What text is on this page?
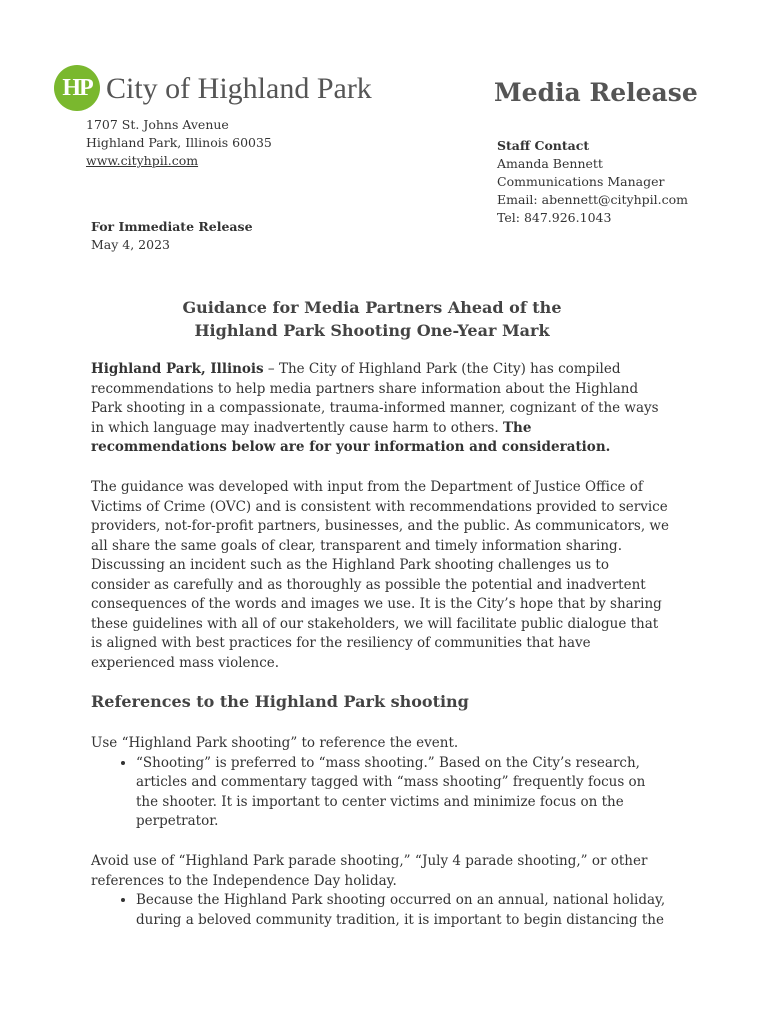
HP City of Highland Park
1707 St. Johns Avenue
Highland Park, Illinois 60035
www.cityhpil.com
Media Release
Staff Contact
Amanda Bennett
Communications Manager
Email: abennett@cityhpil.com
Tel: 847.926.1043
For Immediate Release
May 4, 2023
Guidance for Media Partners Ahead of the
Highland Park Shooting One-Year Mark
Highland Park, Illinois – The City of Highland Park (the City) has compiled recommendations to help media partners share information about the Highland Park shooting in a compassionate, trauma-informed manner, cognizant of the ways in which language may inadvertently cause harm to others. The recommendations below are for your information and consideration.
The guidance was developed with input from the Department of Justice Office of Victims of Crime (OVC) and is consistent with recommendations provided to service providers, not-for-profit partners, businesses, and the public. As communicators, we all share the same goals of clear, transparent and timely information sharing. Discussing an incident such as the Highland Park shooting challenges us to consider as carefully and as thoroughly as possible the potential and inadvertent consequences of the words and images we use. It is the City’s hope that by sharing these guidelines with all of our stakeholders, we will facilitate public dialogue that is aligned with best practices for the resiliency of communities that have experienced mass violence.
References to the Highland Park shooting
Use “Highland Park shooting” to reference the event.
• “Shooting” is preferred to “mass shooting.” Based on the City’s research, articles and commentary tagged with “mass shooting” frequently focus on the shooter. It is important to center victims and minimize focus on the perpetrator.
Avoid use of “Highland Park parade shooting,” “July 4 parade shooting,” or other references to the Independence Day holiday.
• Because the Highland Park shooting occurred on an annual, national holiday, during a beloved community tradition, it is important to begin distancing the
